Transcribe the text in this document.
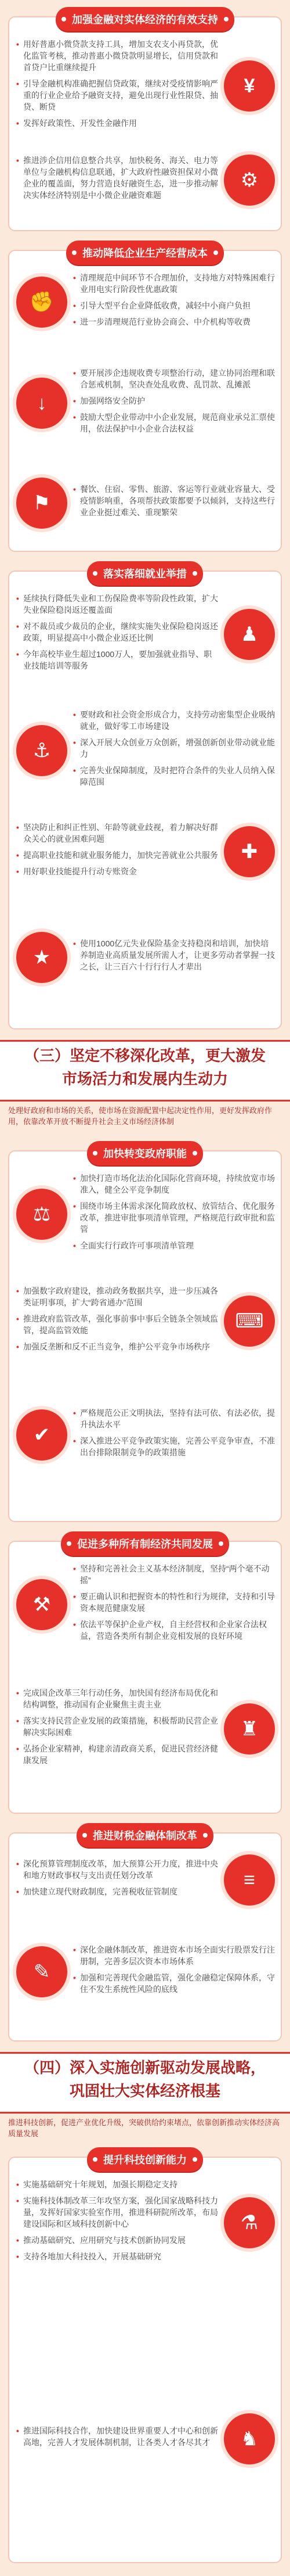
加强金融对实体经济的有效支持
• 用好普惠小微贷款支持工具，增加支农支小再贷款，优化监管考核，推动普惠小微贷款明显增长，信用贷款和首贷户比重继续提升
• 引导金融机构准确把握信贷政策，继续对受疫情影响严重的行业企业给予融资支持，避免出现行业性限贷、抽贷、断贷
• 发挥好政策性、开发性金融作用
¥
• 推进涉企信用信息整合共享，加快税务、海关、电力等单位与金融机构信息联通，扩大政府性融资担保对小微企业的覆盖面，努力营造良好融资生态，进一步推动解决实体经济特别是中小微企业融资难题
⚙
推动降低企业生产经营成本
✊
• 清理规范中间环节不合理加价，支持地方对特殊困难行业用电实行阶段性优惠政策
• 引导大型平台企业降低收费，减轻中小商户负担
• 进一步清理规范行业协会商会、中介机构等收费
↓
• 要开展涉企违规收费专项整治行动，建立协同治理和联合惩戒机制，坚决查处乱收费、乱罚款、乱摊派
• 加强网络安全防护
• 鼓励大型企业带动中小企业发展，规范商业承兑汇票使用，依法保护中小企业合法权益
⚑
• 餐饮、住宿、零售、旅游、客运等行业就业容量大、受疫情影响重，各项帮扶政策都要予以倾斜，支持这些行业企业挺过难关、重现繁荣
落实落细就业举措
• 延续执行降低失业和工伤保险费率等阶段性政策，扩大失业保险稳岗返还覆盖面
• 对不裁员或少裁员的企业，继续实施失业保险稳岗返还政策，明显提高中小微企业返还比例
• 今年高校毕业生超过1000万人，要加强就业指导、职业技能培训等服务
♟
⚓
• 要财政和社会资金形成合力，支持劳动密集型企业吸纳就业，做好零工市场建设
• 深入开展大众创业万众创新，增强创新创业带动就业能力
• 完善失业保障制度，及时把符合条件的失业人员纳入保障范围
• 坚决防止和纠正性别、年龄等就业歧视，着力解决好群众关心的就业困难问题
• 提高职业技能和就业服务能力，加快完善就业公共服务
• 用好职业技能提升行动专账资金
✚
★
• 使用1000亿元失业保险基金支持稳岗和培训，加快培养制造业高质量发展所需人才，让更多劳动者掌握一技之长，让三百六十行行行人才辈出
（三）坚定不移深化改革，更大激发
市场活力和发展内生动力
处理好政府和市场的关系，使市场在资源配置中起决定性作用，更好发挥政府作用，依靠改革开放不断提升社会主义市场经济体制
加快转变政府职能
⚖
• 加快打造市场化法治化国际化营商环境，持续放宽市场准入，健全公平竞争制度
• 围绕市场主体需求深化简政放权、放管结合、优化服务改革，推进审批事项清单管理，严格规范行政审批和监管
• 全面实行行政许可事项清单管理
• 加强数字政府建设，推动政务数据共享，进一步压减各类证明事项，扩大“跨省通办”范围
• 推进政府监管改革，强化事前事中事后全链条全领域监管，提高监管效能
• 加强反垄断和反不正当竞争，维护公平竞争市场秩序
⌨
✔
• 严格规范公正文明执法，坚持有法可依、有法必依，提升执法水平
• 深入推进公平竞争政策实施，完善公平竞争审查，不准出台排除限制竞争的政策措施
促进多种所有制经济共同发展
⚒
• 坚持和完善社会主义基本经济制度，坚持“两个毫不动摇”
• 要正确认识和把握资本的特性和行为规律，支持和引导资本规范健康发展
• 依法平等保护企业产权，自主经营权和企业家合法权益，营造各类所有制企业竞相发展的良好环境
• 完成国企改革三年行动任务，加快国有经济布局优化和结构调整，推动国有企业聚焦主责主业
• 落实支持民营企业发展的政策措施，积极帮助民营企业解决实际困难
• 弘扬企业家精神，构建亲清政商关系，促进民营经济健康发展
♜
推进财税金融体制改革
• 深化预算管理制度改革，加大预算公开力度，推进中央和地方财政事权与支出责任划分改革
• 加快建立现代财政制度，完善税收征管制度
≡
✎
• 深化金融体制改革，推进资本市场全面实行股票发行注册制，完善多层次资本市场体系
• 加强和完善现代金融监管，强化金融稳定保障体系，守住不发生系统性风险的底线
（四）深入实施创新驱动发展战略，
巩固壮大实体经济根基
推进科技创新，促进产业优化升级，突破供给约束堵点，依靠创新推动实体经济高质量发展
提升科技创新能力
• 实施基础研究十年规划，加强长期稳定支持
• 实施科技体制改革三年攻坚方案，强化国家战略科技力量，发挥好国家实验室作用，推进科研院所改革，布局建设国际和区域科技创新中心
• 推动基础研究、应用研究与技术创新协同发展
• 支持各地加大科技投入，开展基础研究
⚗
• 推进国际科技合作，加快建设世界重要人才中心和创新高地，完善人才发展体制机制，让各类人才各尽其才	♞
